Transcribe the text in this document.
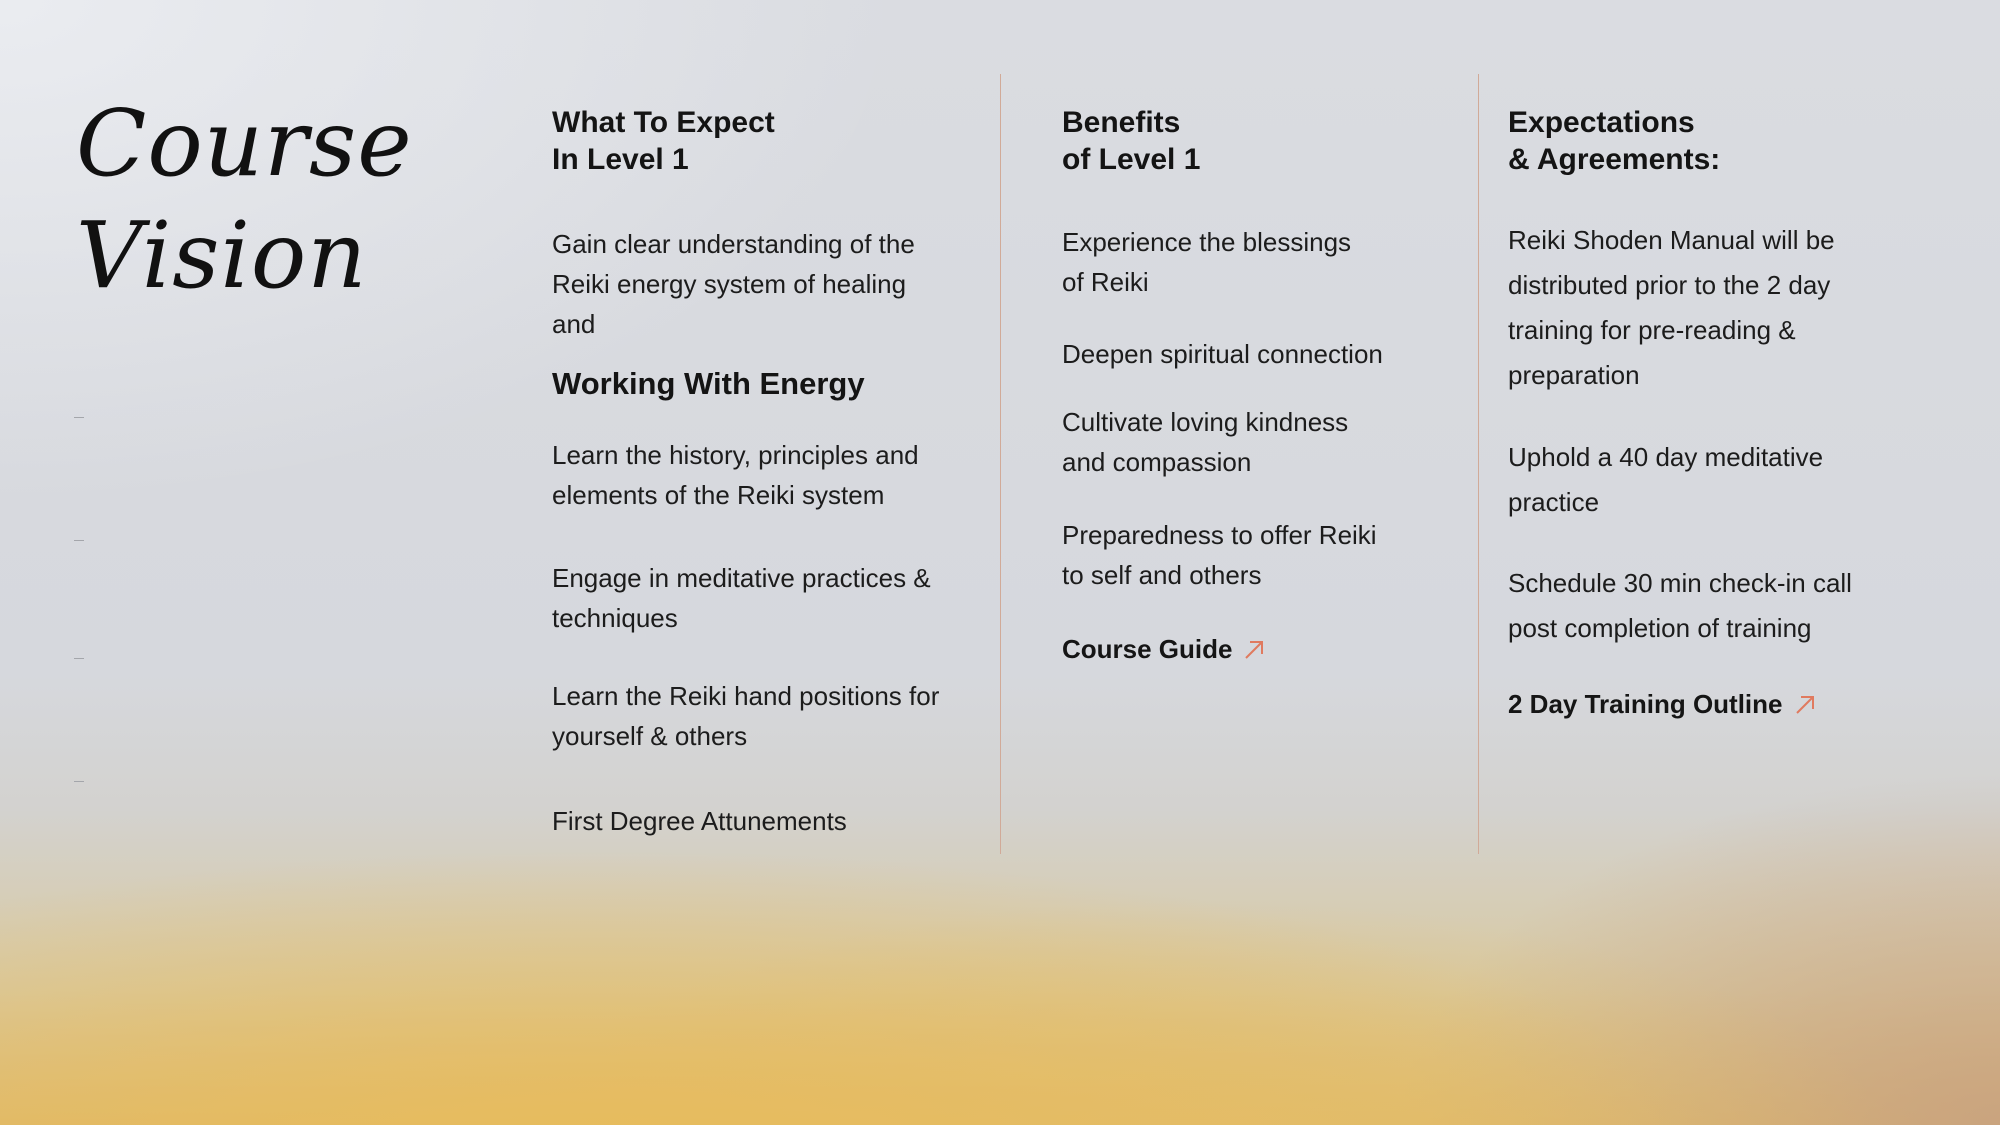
Course
Vision

What To Expect
In Level 1

Gain clear understanding of the
Reiki energy system of healing
and

Working With Energy

Learn the history, principles and
elements of the Reiki system

Engage in meditative practices &
techniques

Learn the Reiki hand positions for
yourself & others

First Degree Attunements

Benefits
of Level 1

Experience the blessings
of Reiki

Deepen spiritual connection

Cultivate loving kindness
and compassion

Preparedness to offer Reiki
to self and others

Course Guide

Expectations
& Agreements:

Reiki Shoden Manual will be
distributed prior to the 2 day
training for pre-reading &
preparation

Uphold a 40 day meditative
practice

Schedule 30 min check-in call
post completion of training

2 Day Training Outline
